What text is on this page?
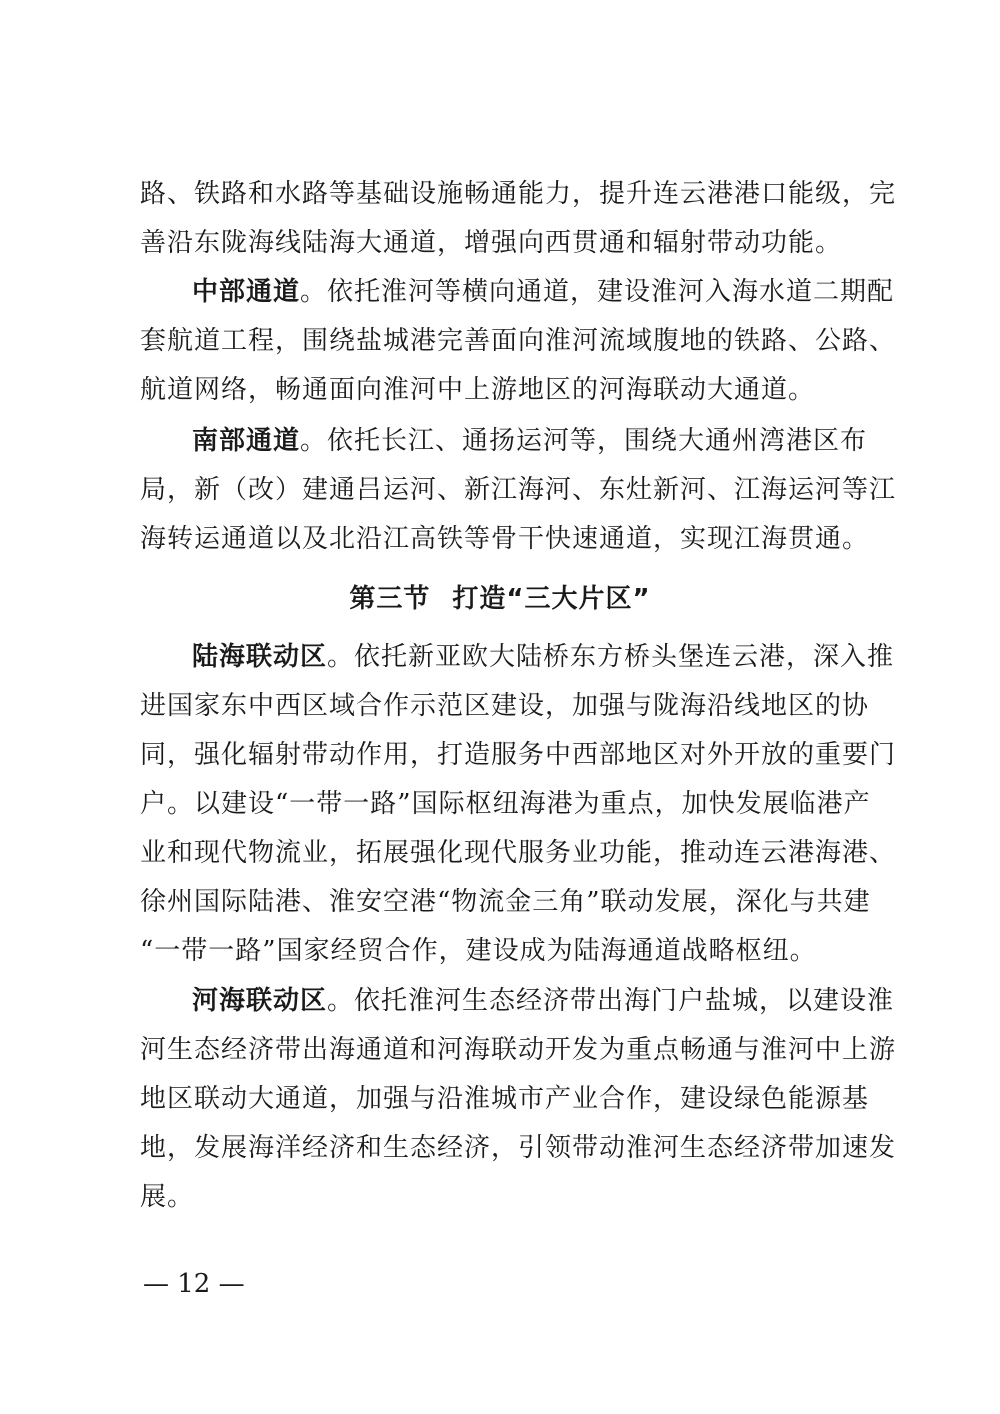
路、铁路和水路等基础设施畅通能力，提升连云港港口能级，完
善沿东陇海线陆海大通道，增强向西贯通和辐射带动功能。
中部通道。依托淮河等横向通道，建设淮河入海水道二期配
套航道工程，围绕盐城港完善面向淮河流域腹地的铁路、公路、
航道网络，畅通面向淮河中上游地区的河海联动大通道。
南部通道。依托长江、通扬运河等，围绕大通州湾港区布
局，新（改）建通吕运河、新江海河、东灶新河、江海运河等江
海转运通道以及北沿江高铁等骨干快速通道，实现江海贯通。
第三节 打造“三大片区”
陆海联动区。依托新亚欧大陆桥东方桥头堡连云港，深入推
进国家东中西区域合作示范区建设，加强与陇海沿线地区的协
同，强化辐射带动作用，打造服务中西部地区对外开放的重要门
户。以建设“一带一路”国际枢纽海港为重点，加快发展临港产
业和现代物流业，拓展强化现代服务业功能，推动连云港海港、
徐州国际陆港、淮安空港“物流金三角”联动发展，深化与共建
“一带一路”国家经贸合作，建设成为陆海通道战略枢纽。
河海联动区。依托淮河生态经济带出海门户盐城，以建设淮
河生态经济带出海通道和河海联动开发为重点畅通与淮河中上游
地区联动大通道，加强与沿淮城市产业合作，建设绿色能源基
地，发展海洋经济和生态经济，引领带动淮河生态经济带加速发
展。
— 12 —
